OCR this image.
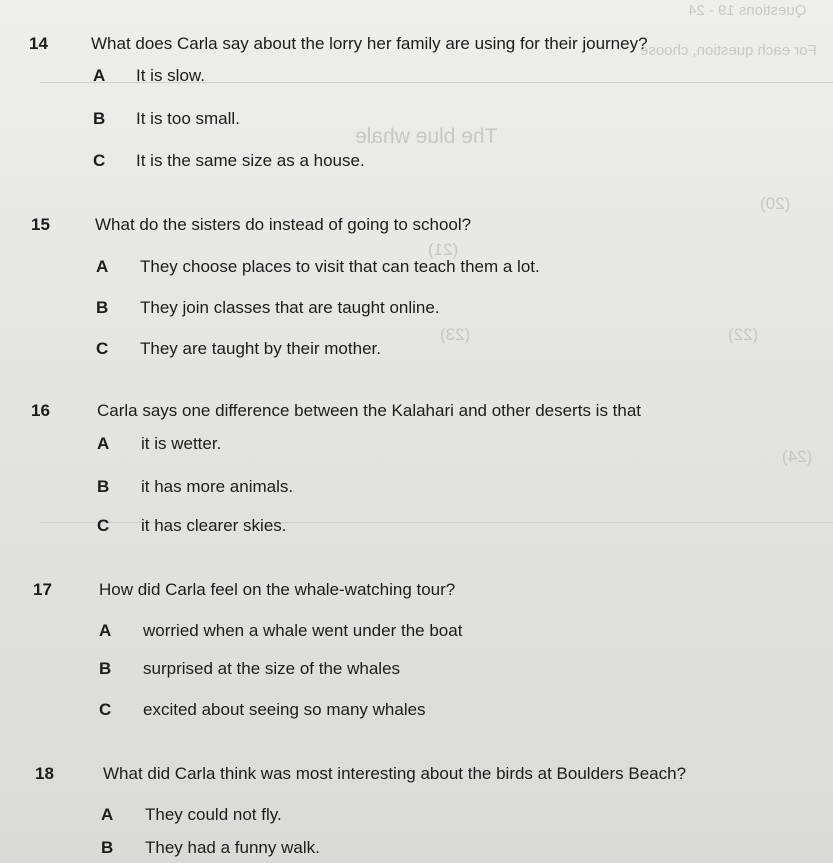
Questions 19 - 24
For each question, choose
The blue whale
(20)
(21)
(22)
(23)
(24)
14	What does Carla say about the lorry her family are using for their journey?
A It is slow.
B It is too small.
C It is the same size as a house.
15	What do the sisters do instead of going to school?
A They choose places to visit that can teach them a lot.
B They join classes that are taught online.
C They are taught by their mother.
16	Carla says one difference between the Kalahari and other deserts is that
A it is wetter.
B it has more animals.
C it has clearer skies.
17	How did Carla feel on the whale-watching tour?
A worried when a whale went under the boat
B surprised at the size of the whales
C excited about seeing so many whales
18	What did Carla think was most interesting about the birds at Boulders Beach?
A They could not fly.
B They had a funny walk.
